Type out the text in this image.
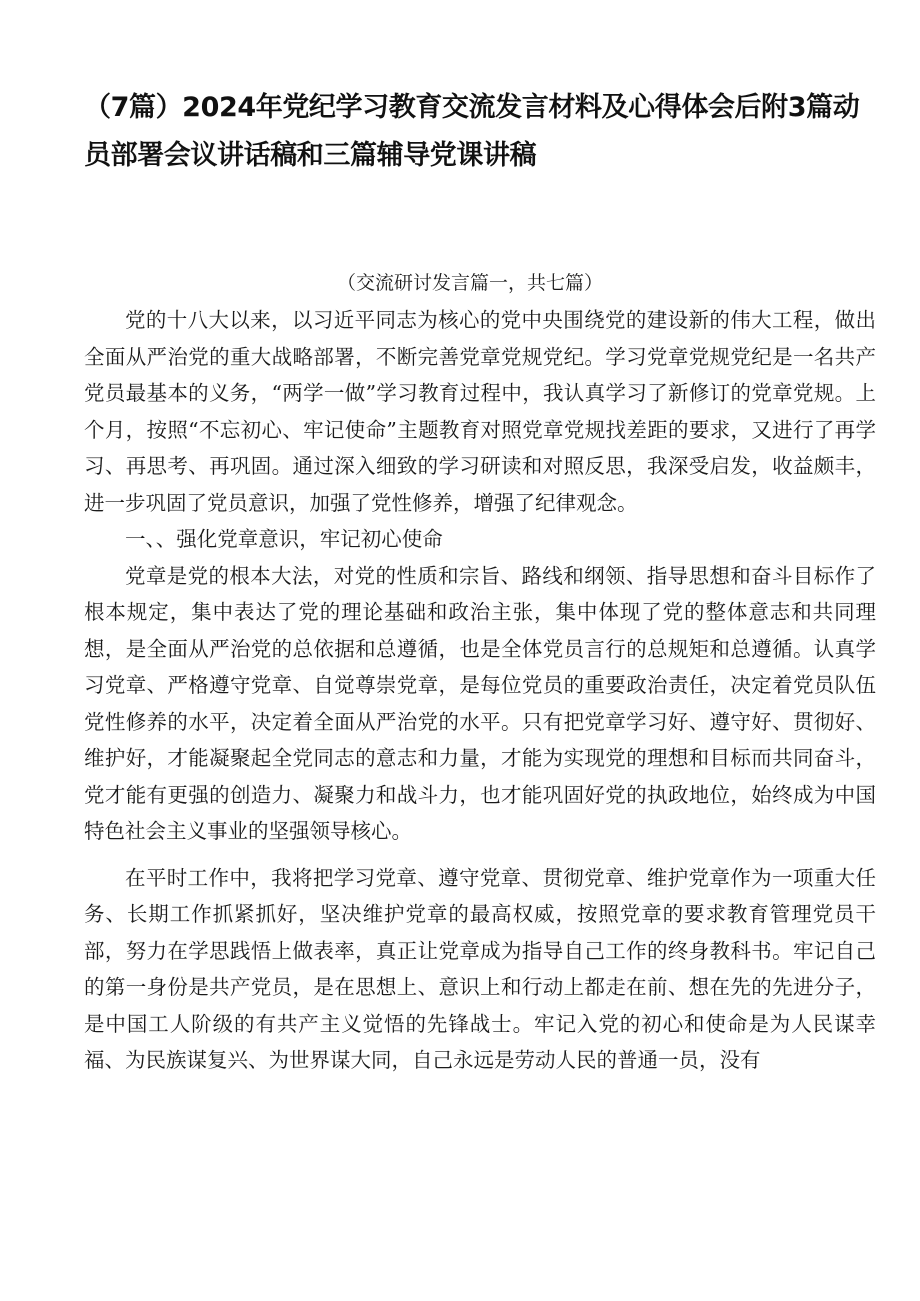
（7篇）2024年党纪学习教育交流发言材料及心得体会后附3篇动员部署会议讲话稿和三篇辅导党课讲稿
（交流研讨发言篇一，共七篇）

党的十八大以来，以习近平同志为核心的党中央围绕党的建设新的伟大工程，做出全面从严治党的重大战略部署，不断完善党章党规党纪。学习党章党规党纪是一名共产党员最基本的义务，“两学一做”学习教育过程中，我认真学习了新修订的党章党规。上个月，按照“不忘初心、牢记使命”主题教育对照党章党规找差距的要求，又进行了再学习、再思考、再巩固。通过深入细致的学习研读和对照反思，我深受启发，收益颇丰，进一步巩固了党员意识，加强了党性修养，增强了纪律观念。

一、、强化党章意识，牢记初心使命

党章是党的根本大法，对党的性质和宗旨、路线和纲领、指导思想和奋斗目标作了根本规定，集中表达了党的理论基础和政治主张，集中体现了党的整体意志和共同理想，是全面从严治党的总依据和总遵循，也是全体党员言行的总规矩和总遵循。认真学习党章、严格遵守党章、自觉尊崇党章，是每位党员的重要政治责任，决定着党员队伍党性修养的水平，决定着全面从严治党的水平。只有把党章学习好、遵守好、贯彻好、维护好，才能凝聚起全党同志的意志和力量，才能为实现党的理想和目标而共同奋斗，党才能有更强的创造力、凝聚力和战斗力，也才能巩固好党的执政地位，始终成为中国特色社会主义事业的坚强领导核心。

在平时工作中，我将把学习党章、遵守党章、贯彻党章、维护党章作为一项重大任务、长期工作抓紧抓好，坚决维护党章的最高权威，按照党章的要求教育管理党员干部，努力在学思践悟上做表率，真正让党章成为指导自己工作的终身教科书。牢记自己的第一身份是共产党员，是在思想上、意识上和行动上都走在前、想在先的先进分子，是中国工人阶级的有共产主义觉悟的先锋战士。牢记入党的初心和使命是为人民谋幸福、为民族谋复兴、为世界谋大同，自己永远是劳动人民的普通一员，没有
